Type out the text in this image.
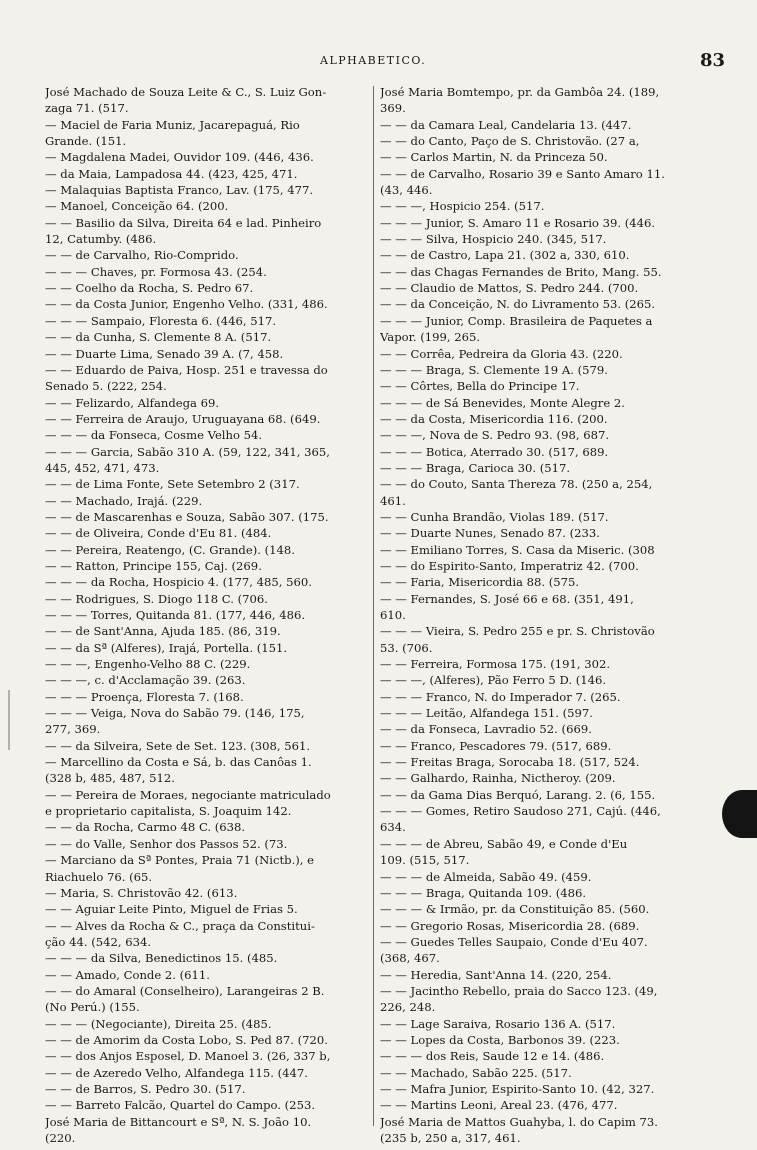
ALPHABETICO.	83
José Machado de Souza Leite & C., S. Luiz Gon-
zaga 71. (517.
— Maciel de Faria Muniz, Jacarepaguá, Rio
Grande. (151.
— Magdalena Madei, Ouvidor 109. (446, 436.
— da Maia, Lampadosa 44. (423, 425, 471.
— Malaquias Baptista Franco, Lav. (175, 477.
— Manoel, Conceição 64. (200.
— — Basilio da Silva, Direita 64 e lad. Pinheiro
12, Catumby. (486.
— — de Carvalho, Rio-Comprido.
— — — Chaves, pr. Formosa 43. (254.
— — Coelho da Rocha, S. Pedro 67.
— — da Costa Junior, Engenho Velho. (331, 486.
— — — Sampaio, Floresta 6. (446, 517.
— — da Cunha, S. Clemente 8 A. (517.
— — Duarte Lima, Senado 39 A. (7, 458.
— — Eduardo de Paiva, Hosp. 251 e travessa do
Senado 5. (222, 254.
— — Felizardo, Alfandega 69.
— — Ferreira de Araujo, Uruguayana 68. (649.
— — — da Fonseca, Cosme Velho 54.
— — — Garcia, Sabão 310 A. (59, 122, 341, 365,
445, 452, 471, 473.
— — de Lima Fonte, Sete Setembro 2 (317.
— — Machado, Irajá. (229.
— — de Mascarenhas e Souza, Sabão 307. (175.
— — de Oliveira, Conde d'Eu 81. (484.
— — Pereira, Reatengo, (C. Grande). (148.
— — Ratton, Principe 155, Caj. (269.
— — — da Rocha, Hospicio 4. (177, 485, 560.
— — Rodrigues, S. Diogo 118 C. (706.
— — — Torres, Quitanda 81. (177, 446, 486.
— — de Sant'Anna, Ajuda 185. (86, 319.
— — da Sª (Alferes), Irajá, Portella. (151.
— — —, Engenho-Velho 88 C. (229.
— — —, c. d'Acclamação 39. (263.
— — — Proença, Floresta 7. (168.
— — — Veiga, Nova do Sabão 79. (146, 175,
277, 369.
— — da Silveira, Sete de Set. 123. (308, 561.
— Marcellino da Costa e Sá, b. das Canôas 1.
(328 b, 485, 487, 512.
— — Pereira de Moraes, negociante matriculado
e proprietario capitalista, S. Joaquim 142.
— — da Rocha, Carmo 48 C. (638.
— — do Valle, Senhor dos Passos 52. (73.
— Marciano da Sª Pontes, Praia 71 (Nictb.), e
Riachuelo 76. (65.
— Maria, S. Christovão 42. (613.
— — Aguiar Leite Pinto, Miguel de Frias 5.
— — Alves da Rocha & C., praça da Constitui-
ção 44. (542, 634.
— — — da Silva, Benedictinos 15. (485.
— — Amado, Conde 2. (611.
— — do Amaral (Conselheiro), Larangeiras 2 B.
(No Perú.) (155.
— — — (Negociante), Direita 25. (485.
— — de Amorim da Costa Lobo, S. Ped 87. (720.
— — dos Anjos Esposel, D. Manoel 3. (26, 337 b,
— — de Azeredo Velho, Alfandega 115. (447.
— — de Barros, S. Pedro 30. (517.
— — Barreto Falcão, Quartel do Campo. (253.
José Maria de Bittancourt e Sª, N. S. João 10.
(220.
José Maria Bomtempo, pr. da Gambôa 24. (189,
369.
— — da Camara Leal, Candelaria 13. (447.
— — do Canto, Paço de S. Christovão. (27 a,
— — Carlos Martin, N. da Princeza 50.
— — de Carvalho, Rosario 39 e Santo Amaro 11.
(43, 446.
— — —, Hospicio 254. (517.
— — — Junior, S. Amaro 11 e Rosario 39. (446.
— — — Silva, Hospicio 240. (345, 517.
— — de Castro, Lapa 21. (302 a, 330, 610.
— — das Chagas Fernandes de Brito, Mang. 55.
— — Claudio de Mattos, S. Pedro 244. (700.
— — da Conceição, N. do Livramento 53. (265.
— — — Junior, Comp. Brasileira de Paquetes a
Vapor. (199, 265.
— — Corrêa, Pedreira da Gloria 43. (220.
— — — Braga, S. Clemente 19 A. (579.
— — Côrtes, Bella do Principe 17.
— — — de Sá Benevides, Monte Alegre 2.
— — da Costa, Misericordia 116. (200.
— — —, Nova de S. Pedro 93. (98, 687.
— — — Botica, Aterrado 30. (517, 689.
— — — Braga, Carioca 30. (517.
— — do Couto, Santa Thereza 78. (250 a, 254,
461.
— — Cunha Brandão, Violas 189. (517.
— — Duarte Nunes, Senado 87. (233.
— — Emiliano Torres, S. Casa da Miseric. (308
— — do Espirito-Santo, Imperatriz 42. (700.
— — Faria, Misericordia 88. (575.
— — Fernandes, S. José 66 e 68. (351, 491,
610.
— — — Vieira, S. Pedro 255 e pr. S. Christovão
53. (706.
— — Ferreira, Formosa 175. (191, 302.
— — —, (Alferes), Pão Ferro 5 D. (146.
— — — Franco, N. do Imperador 7. (265.
— — — Leitão, Alfandega 151. (597.
— — da Fonseca, Lavradio 52. (669.
— — Franco, Pescadores 79. (517, 689.
— — Freitas Braga, Sorocaba 18. (517, 524.
— — Galhardo, Rainha, Nictheroy. (209.
— — da Gama Dias Berquó, Larang. 2. (6, 155.
— — — Gomes, Retiro Saudoso 271, Cajú. (446,
634.
— — — de Abreu, Sabão 49, e Conde d'Eu
109. (515, 517.
— — — de Almeida, Sabão 49. (459.
— — — Braga, Quitanda 109. (486.
— — — & Irmão, pr. da Constituição 85. (560.
— — Gregorio Rosas, Misericordia 28. (689.
— — Guedes Telles Saupaio, Conde d'Eu 407.
(368, 467.
— — Heredia, Sant'Anna 14. (220, 254.
— — Jacintho Rebello, praia do Sacco 123. (49,
226, 248.
— — Lage Saraiva, Rosario 136 A. (517.
— — Lopes da Costa, Barbonos 39. (223.
— — — dos Reis, Saude 12 e 14. (486.
— — Machado, Sabão 225. (517.
— — Mafra Junior, Espirito-Santo 10. (42, 327.
— — Martins Leoni, Areal 23. (476, 477.
José Maria de Mattos Guahyba, l. do Capim 73.
(235 b, 250 a, 317, 461.
